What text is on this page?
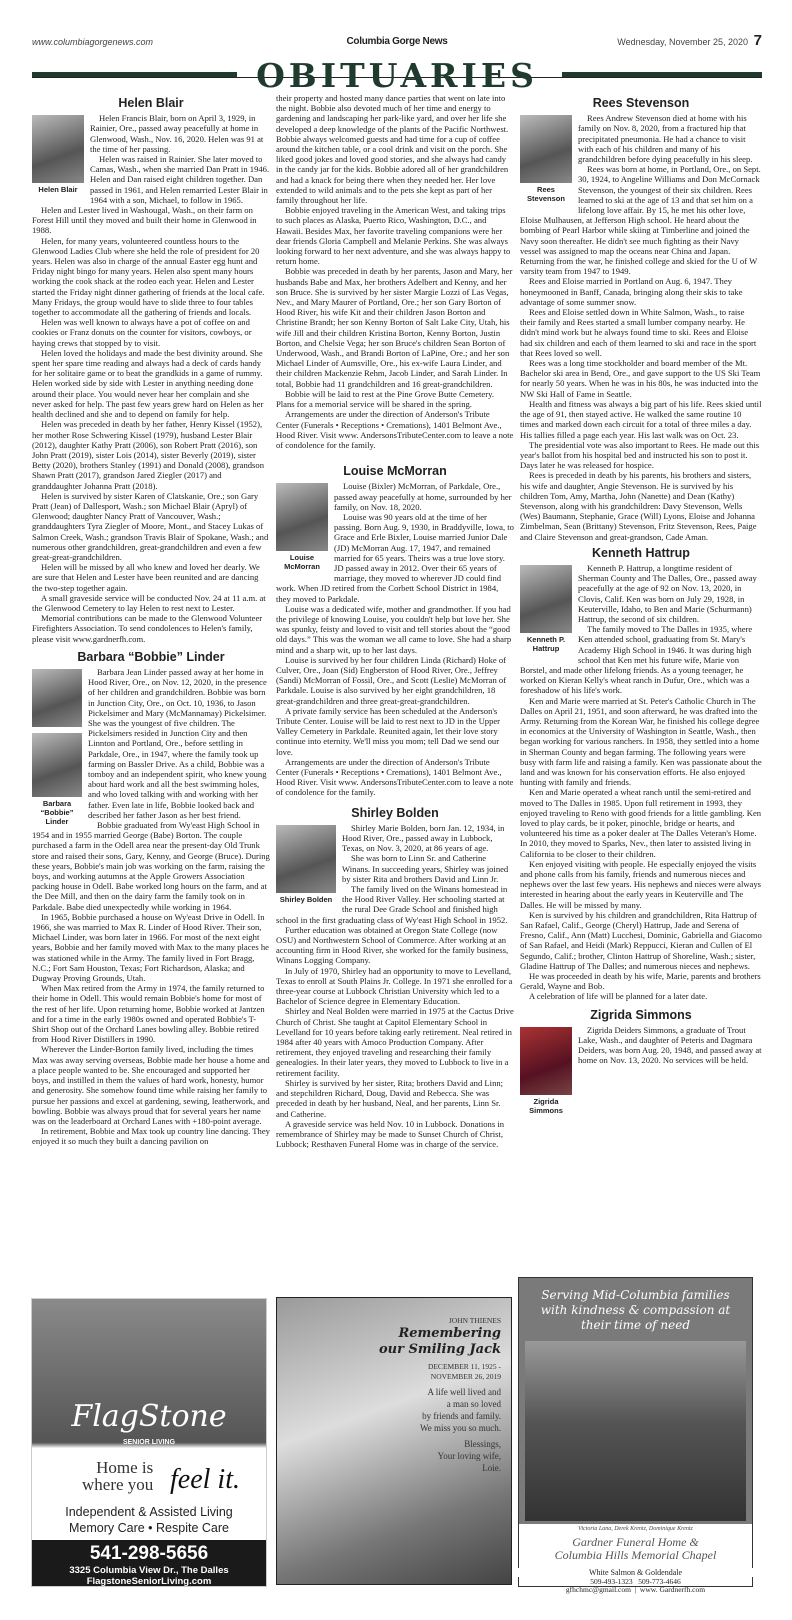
www.columbiagorgenews.com	Columbia Gorge News	Wednesday, November 25, 2020 7
OBITUARIES
Helen Blair
Helen Blair

Helen Francis Blair, born on April 3, 1929, in Rainier, Ore., passed away peacefully at home in Glenwood, Wash., Nov. 16, 2020. Helen was 91 at the time of her passing.

Helen was raised in Rainier. She later moved to Camas, Wash., when she married Dan Pratt in 1946. Helen and Dan raised eight children together. Dan passed in 1961, and Helen remarried Lester Blair in 1964 with a son, Michael, to follow in 1965.

Helen and Lester lived in Washougal, Wash., on their farm on Forest Hill until they moved and built their home in Glenwood in 1988.

Helen, for many years, volunteered countless hours to the Glenwood Ladies Club where she held the role of president for 20 years. Helen was also in charge of the annual Easter egg hunt and Friday night bingo for many years. Helen also spent many hours working the cook shack at the rodeo each year. Helen and Lester started the Friday night dinner gathering of friends at the local cafe. Many Fridays, the group would have to slide three to four tables together to accommodate all the gathering of friends and locals.

Helen was well known to always have a pot of coffee on and cookies or Franz donuts on the counter for visitors, cowboys, or haying crews that stopped by to visit.

Helen loved the holidays and made the best divinity around. She spent her spare time reading and always had a deck of cards handy for her solitaire game or to beat the grandkids in a game of rummy. Helen worked side by side with Lester in anything needing done around their place. You would never hear her complain and she never asked for help. The past few years grew hard on Helen as her health declined and she and to depend on family for help.

Helen was preceded in death by her father, Henry Kissel (1952), her mother Rose Schwering Kissel (1979), husband Lester Blair (2012), daughter Kathy Pratt (2006), son Robert Pratt (2016), son John Pratt (2019), sister Lois (2014), sister Beverly (2019), sister Betty (2020), brothers Stanley (1991) and Donald (2008), grandson Shawn Pratt (2017), grandson Jared Ziegler (2017) and granddaughter Johanna Pratt (2018).

Helen is survived by sister Karen of Clatskanie, Ore.; son Gary Pratt (Jean) of Dallesport, Wash.; son Michael Blair (Apryl) of Glenwood; daughter Nancy Pratt of Vancouver, Wash.; granddaughters Tyra Ziegler of Moore, Mont., and Stacey Lukas of Salmon Creek, Wash.; grandson Travis Blair of Spokane, Wash.; and numerous other grandchildren, great-grandchildren and even a few great-great-grandchildren.

Helen will be missed by all who knew and loved her dearly. We are sure that Helen and Lester have been reunited and are dancing the two-step together again.

A small graveside service will be conducted Nov. 24 at 11 a.m. at the Glenwood Cemetery to lay Helen to rest next to Lester.

Memorial contributions can be made to the Glenwood Volunteer Firefighters Association. To send condolences to Helen's family, please visit www.gardnerfh.com.

Barbara “Bobbie” Linder
Barbara “Bobbie” Linder

Barbara Jean Linder passed away at her home in Hood River, Ore., on Nov. 12, 2020, in the presence of her children and grandchildren. Bobbie was born in Junction City, Ore., on Oct. 10, 1936, to Jason Pickelsimer and Mary (McMannamay) Pickelsimer. She was the youngest of five children. The Pickelsimers resided in Junction City and then Linnton and Portland, Ore., before settling in Parkdale, Ore., in 1947, where the family took up farming on Bassler Drive. As a child, Bobbie was a tomboy and an independent spirit, who knew young about hard work and all the best swimming holes, and who loved talking with and working with her father. Even late in life, Bobbie looked back and described her father Jason as her best friend.

Bobbie graduated from Wy'east High School in 1954 and in 1955 married George (Babe) Borton. The couple purchased a farm in the Odell area near the present-day Old Trunk store and raised their sons, Gary, Kenny, and George (Bruce). During these years, Bobbie's main job was working on the farm, raising the boys, and working autumns at the Apple Growers Association packing house in Odell. Babe worked long hours on the farm, and at the Dee Mill, and then on the dairy farm the family took on in Parkdale. Babe died unexpectedly while working in 1964.

In 1965, Bobbie purchased a house on Wy'east Drive in Odell. In 1966, she was married to Max R. Linder of Hood River. Their son, Michael Linder, was born later in 1966. For most of the next eight years, Bobbie and her family moved with Max to the many places he was stationed while in the Army. The family lived in Fort Bragg, N.C.; Fort Sam Houston, Texas; Fort Richardson, Alaska; and Dugway Proving Grounds, Utah.

When Max retired from the Army in 1974, the family returned to their home in Odell. This would remain Bobbie's home for most of the rest of her life. Upon returning home, Bobbie worked at Jantzen and for a time in the early 1980s owned and operated Bobbie's T-Shirt Shop out of the Orchard Lanes bowling alley. Bobbie retired from Hood River Distillers in 1990.

Wherever the Linder-Borton family lived, including the times Max was away serving overseas, Bobbie made her house a home and a place people wanted to be. She encouraged and supported her boys, and instilled in them the values of hard work, honesty, humor and generosity. She somehow found time while raising her family to pursue her passions and excel at gardening, sewing, leatherwork, and bowling. Bobbie was always proud that for several years her name was on the leaderboard at Orchard Lanes with +180-point average.

In retirement, Bobbie and Max took up country line dancing. They enjoyed it so much they built a dancing pavilion on

their property and hosted many dance parties that went on late into the night. Bobbie also devoted much of her time and energy to gardening and landscaping her park-like yard, and over her life she developed a deep knowledge of the plants of the Pacific Northwest. Bobbie always welcomed guests and had time for a cup of coffee around the kitchen table, or a cool drink and visit on the porch. She liked good jokes and loved good stories, and she always had candy in the candy jar for the kids. Bobbie adored all of her grandchildren and had a knack for being there when they needed her. Her love extended to wild animals and to the pets she kept as part of her family throughout her life.

Bobbie enjoyed traveling in the American West, and taking trips to such places as Alaska, Puerto Rico, Washington, D.C., and Hawaii. Besides Max, her favorite traveling companions were her dear friends Gloria Campbell and Melanie Perkins. She was always looking forward to her next adventure, and she was always happy to return home.

Bobbie was preceded in death by her parents, Jason and Mary, her husbands Babe and Max, her brothers Adelbert and Kenny, and her son Bruce. She is survived by her sister Margie Lozzi of Las Vegas, Nev., and Mary Maurer of Portland, Ore.; her son Gary Borton of Hood River, his wife Kit and their children Jason Borton and Christine Brandt; her son Kenny Borton of Salt Lake City, Utah, his wife Jill and their children Kristina Borton, Kenny Borton, Justin Borton, and Chelsie Vega; her son Bruce's children Sean Borton of Underwood, Wash., and Brandi Borton of LaPine, Ore.; and her son Michael Linder of Aumsville, Ore., his ex-wife Laura Linder, and their children Mackenzie Rehm, Jacob Linder, and Sarah Linder. In total, Bobbie had 11 grandchildren and 16 great-grandchildren.

Bobbie will be laid to rest at the Pine Grove Butte Cemetery. Plans for a memorial service will be shared in the spring.

Arrangements are under the direction of Anderson's Tribute Center (Funerals • Receptions • Cremations), 1401 Belmont Ave., Hood River. Visit www. AndersonsTributeCenter.com to leave a note of condolence for the family.

Louise McMorran
Louise McMorran

Louise (Bixler) McMorran, of Parkdale, Ore., passed away peacefully at home, surrounded by her family, on Nov. 18, 2020.

Louise was 90 years old at the time of her passing. Born Aug. 9, 1930, in Braddyville, Iowa, to Grace and Erle Bixler, Louise married Junior Dale (JD) McMorran Aug. 17, 1947, and remained married for 65 years. Theirs was a true love story. JD passed away in 2012. Over their 65 years of marriage, they moved to wherever JD could find work. When JD retired from the Corbett School District in 1984, they moved to Parkdale.

Louise was a dedicated wife, mother and grandmother. If you had the privilege of knowing Louise, you couldn't help but love her. She was spunky, feisty and loved to visit and tell stories about the “good old days.” This was the woman we all came to love. She had a sharp mind and a sharp wit, up to her last days.

Louise is survived by her four children Linda (Richard) Hoke of Culver, Ore., Joan (Sid) Engberston of Hood River, Ore., Jeffrey (Sandi) McMorran of Fossil, Ore., and Scott (Leslie) McMorran of Parkdale. Louise is also survived by her eight grandchildren, 18 great-grandchildren and three great-great-grandchildren.

A private family service has been scheduled at the Anderson's Tribute Center. Louise will be laid to rest next to JD in the Upper Valley Cemetery in Parkdale. Reunited again, let their love story continue into eternity. We'll miss you mom; tell Dad we send our love.

Arrangements are under the direction of Anderson's Tribute Center (Funerals • Receptions • Cremations), 1401 Belmont Ave., Hood River. Visit www. AndersonsTributeCenter.com to leave a note of condolence for the family.

Shirley Bolden
Shirley Bolden

Shirley Marie Bolden, born Jan. 12, 1934, in Hood River, Ore., passed away in Lubbock, Texas, on Nov. 3, 2020, at 86 years of age.

She was born to Linn Sr. and Catherine Winans. In succeeding years, Shirley was joined by sister Rita and brothers David and Linn Jr.

The family lived on the Winans homestead in the Hood River Valley. Her schooling started at the rural Dee Grade School and finished high school in the first graduating class of Wy'east High School in 1952.

Further education was obtained at Oregon State College (now OSU) and Northwestern School of Commerce. After working at an accounting firm in Hood River, she worked for the family business, Winans Logging Company.

In July of 1970, Shirley had an opportunity to move to Levelland, Texas to enroll at South Plains Jr. College. In 1971 she enrolled for a three-year course at Lubbock Christian University which led to a Bachelor of Science degree in Elementary Education.

Shirley and Neal Bolden were married in 1975 at the Cactus Drive Church of Christ. She taught at Capitol Elementary School in Levelland for 10 years before taking early retirement. Neal retired in 1984 after 40 years with Amoco Production Company. After retirement, they enjoyed traveling and researching their family genealogies. In their later years, they moved to Lubbock to live in a retirement facility.

Shirley is survived by her sister, Rita; brothers David and Linn; and stepchildren Richard, Doug, David and Rebecca. She was preceded in death by her husband, Neal, and her parents, Linn Sr. and Catherine.

A graveside service was held Nov. 10 in Lubbock. Donations in remembrance of Shirley may be made to Sunset Church of Christ, Lubbock; Resthaven Funeral Home was in charge of the service.

Rees Stevenson
Rees Stevenson

Rees Andrew Stevenson died at home with his family on Nov. 8, 2020, from a fractured hip that precipitated pneumonia. He had a chance to visit with each of his children and many of his grandchildren before dying peacefully in his sleep.

Rees was born at home, in Portland, Ore., on Sept. 30, 1924, to Angeline Williams and Don McCornack Stevenson, the youngest of their six children. Rees learned to ski at the age of 13 and that set him on a lifelong love affair. By 15, he met his other love, Eloise Mulhausen, at Jefferson High school. He heard about the bombing of Pearl Harbor while skiing at Timberline and joined the Navy soon thereafter. He didn't see much fighting as their Navy vessel was assigned to map the oceans near China and Japan. Returning from the war, he finished college and skied for the U of W varsity team from 1947 to 1949.

Rees and Eloise married in Portland on Aug. 6, 1947. They honeymooned in Banff, Canada, bringing along their skis to take advantage of some summer snow.

Rees and Eloise settled down in White Salmon, Wash., to raise their family and Rees started a small lumber company nearby. He didn't mind work but he always found time to ski. Rees and Eloise had six children and each of them learned to ski and race in the sport that Rees loved so well.

Rees was a long time stockholder and board member of the Mt. Bachelor ski area in Bend, Ore., and gave support to the US Ski Team for nearly 50 years. When he was in his 80s, he was inducted into the NW Ski Hall of Fame in Seattle.

Health and fitness was always a big part of his life. Rees skied until the age of 91, then stayed active. He walked the same routine 10 times and marked down each circuit for a total of three miles a day. His tallies filled a page each year. His last walk was on Oct. 23.

The presidential vote was also important to Rees. He made out this year's ballot from his hospital bed and instructed his son to post it. Days later he was released for hospice.

Rees is preceded in death by his parents, his brothers and sisters, his wife and daughter, Angie Stevenson. He is survived by his children Tom, Amy, Martha, John (Nanette) and Dean (Kathy) Stevenson, along with his grandchildren: Davy Stevenson, Wells (Wes) Baumann, Stephanie, Grace (Will) Lyons, Eloise and Johanna Zimbelman, Sean (Brittany) Stevenson, Fritz Stevenson, Rees, Paige and Claire Stevenson and great-grandson, Cade Aman.

Kenneth Hattrup
Kenneth P. Hattrup

Kenneth P. Hattrup, a longtime resident of Sherman County and The Dalles, Ore., passed away peacefully at the age of 92 on Nov. 13, 2020, in Clovis, Calif. Ken was born on July 29, 1928, in Keuterville, Idaho, to Ben and Marie (Schurmann) Hattrup, the second of six children.

The family moved to The Dalles in 1935, where Ken attended school, graduating from St. Mary's Academy High School in 1946. It was during high school that Ken met his future wife, Marie von Borstel, and made other lifelong friends. As a young teenager, he worked on Kieran Kelly's wheat ranch in Dufur, Ore., which was a foreshadow of his life's work.

Ken and Marie were married at St. Peter's Catholic Church in The Dalles on April 21, 1951, and soon afterward, he was drafted into the Army. Returning from the Korean War, he finished his college degree in economics at the University of Washington in Seattle, Wash., then began working for various ranchers. In 1958, they settled into a home in Sherman County and began farming. The following years were busy with farm life and raising a family. Ken was passionate about the land and was known for his conservation efforts. He also enjoyed hunting with family and friends.

Ken and Marie operated a wheat ranch until the semi-retired and moved to The Dalles in 1985. Upon full retirement in 1993, they enjoyed traveling to Reno with good friends for a little gambling. Ken loved to play cards, be it poker, pinochle, bridge or hearts, and volunteered his time as a poker dealer at The Dalles Veteran's Home. In 2010, they moved to Sparks, Nev., then later to assisted living in California to be closer to their children.

Ken enjoyed visiting with people. He especially enjoyed the visits and phone calls from his family, friends and numerous nieces and nephews over the last few years. His nephews and nieces were always interested in hearing about the early years in Keuterville and The Dalles. He will be missed by many.

Ken is survived by his children and grandchildren, Rita Hattrup of San Rafael, Calif., George (Cheryl) Hattrup, Jade and Serena of Fresno, Calif., Ann (Matt) Lucchesi, Dominic, Gabriella and Giacomo of San Rafael, and Heidi (Mark) Reppucci, Kieran and Cullen of El Segundo, Calif.; brother, Clinton Hattrup of Shoreline, Wash.; sister, Gladine Hattrup of The Dalles; and numerous nieces and nephews.

He was proceeded in death by his wife, Marie, parents and brothers Gerald, Wayne and Bob.

A celebration of life will be planned for a later date.

Zigrida Simmons
Zigrida Simmons

Zigrida Deiders Simmons, a graduate of Trout Lake, Wash., and daughter of Peteris and Dagmara Deiders, was born Aug. 20, 1948, and passed away at home on Nov. 13, 2020. No services will be held.

FlagStone
SENIOR LIVING
Home is
where you feel it.
Independent & Assisted Living
Memory Care • Respite Care
541-298-5656
3325 Columbia View Dr., The Dalles
FlagstoneSeniorLiving.com
JOHN THIENES
Remembering
our Smiling Jack
DECEMBER 11, 1925 -
NOVEMBER 26, 2019
A life well lived and
a man so loved
by friends and family.
We miss you so much.
Blessings,
Your loving wife,
Loie.
Serving Mid-Columbia families with kindness & compassion at their time of need
Victoria Lana, Derek Krentz, Dominique Krentz
Gardner Funeral Home &
Columbia Hills Memorial Chapel
White Salmon & Goldendale
509-493-1323   509-773-4646
gfhchmc@gmail.com  |  www. Gardnerfh.com
